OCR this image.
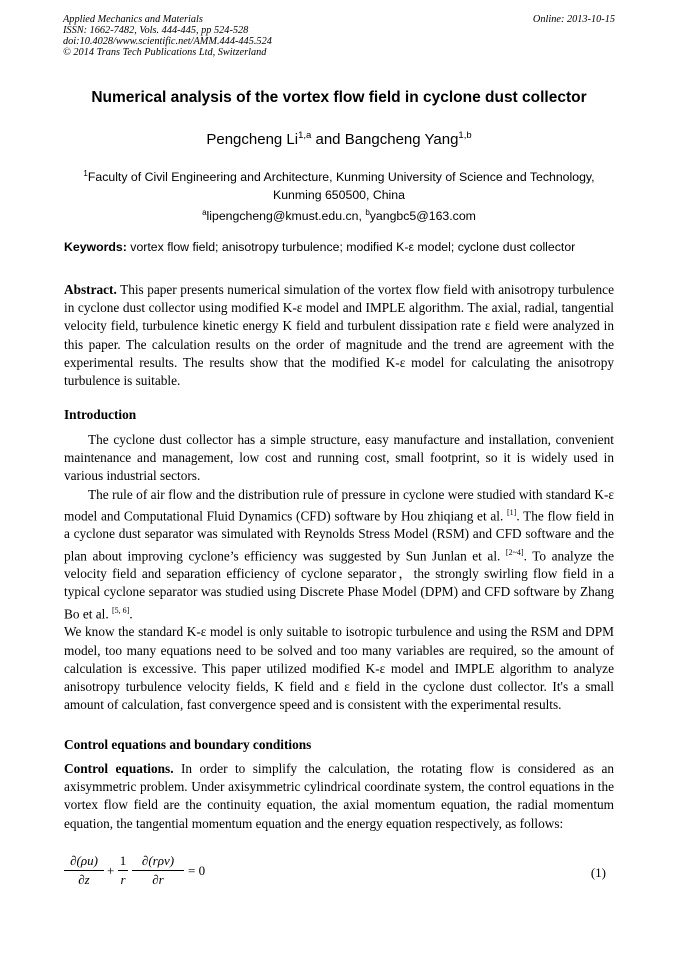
Applied Mechanics and Materials
ISSN: 1662-7482, Vols. 444-445, pp 524-528
doi:10.4028/www.scientific.net/AMM.444-445.524
© 2014 Trans Tech Publications Ltd, Switzerland
Online: 2013-10-15
Numerical analysis of the vortex flow field in cyclone dust collector
Pengcheng Li$^{1,a}$ and Bangcheng Yang$^{1,b}$
$^1$Faculty of Civil Engineering and Architecture, Kunming University of Science and Technology,
Kunming 650500, China
$^a$lipengcheng@kmust.edu.cn, $^b$yangbc5@163.com
Keywords: vortex flow field; anisotropy turbulence; modified K-ε model; cyclone dust collector

Abstract. This paper presents numerical simulation of the vortex flow field with anisotropy turbulence in cyclone dust collector using modified K-ε model and IMPLE algorithm. The axial, radial, tangential velocity field, turbulence kinetic energy K field and turbulent dissipation rate ε field were analyzed in this paper. The calculation results on the order of magnitude and the trend are agreement with the experimental results. The results show that the modified K-ε model for calculating the anisotropy turbulence is suitable.

Introduction

The cyclone dust collector has a simple structure, easy manufacture and installation, convenient maintenance and management, low cost and running cost, small footprint, so it is widely used in various industrial sectors.

The rule of air flow and the distribution rule of pressure in cyclone were studied with standard K-ε model and Computational Fluid Dynamics (CFD) software by Hou zhiqiang et al. [1]. The flow field in a cyclone dust separator was simulated with Reynolds Stress Model (RSM) and CFD software and the plan about improving cyclone’s efficiency was suggested by Sun Junlan et al. [2~4]. To analyze the velocity field and separation efficiency of cyclone separator，the strongly swirling flow field in a typical cyclone separator was studied using Discrete Phase Model (DPM) and CFD software by Zhang Bo et al. [5, 6].

We know the standard K-ε model is only suitable to isotropic turbulence and using the RSM and DPM model, too many equations need to be solved and too many variables are required, so the amount of calculation is excessive. This paper utilized modified K-ε model and IMPLE algorithm to analyze anisotropy turbulence velocity fields, K field and ε field in the cyclone dust collector. It's a small amount of calculation, fast convergence speed and is consistent with the experimental results.

Control equations and boundary conditions

Control equations. In order to simplify the calculation, the rotating flow is considered as an axisymmetric problem. Under axisymmetric cylindrical coordinate system, the control equations in the vortex flow field are the continuity equation, the axial momentum equation, the radial momentum equation, the tangential momentum equation and the energy equation respectively, as follows:

$\frac{\partial(\rho u)}{\partial z} + \frac{1}{r}$	∂(rρv)
∂r
= 0	(1)
